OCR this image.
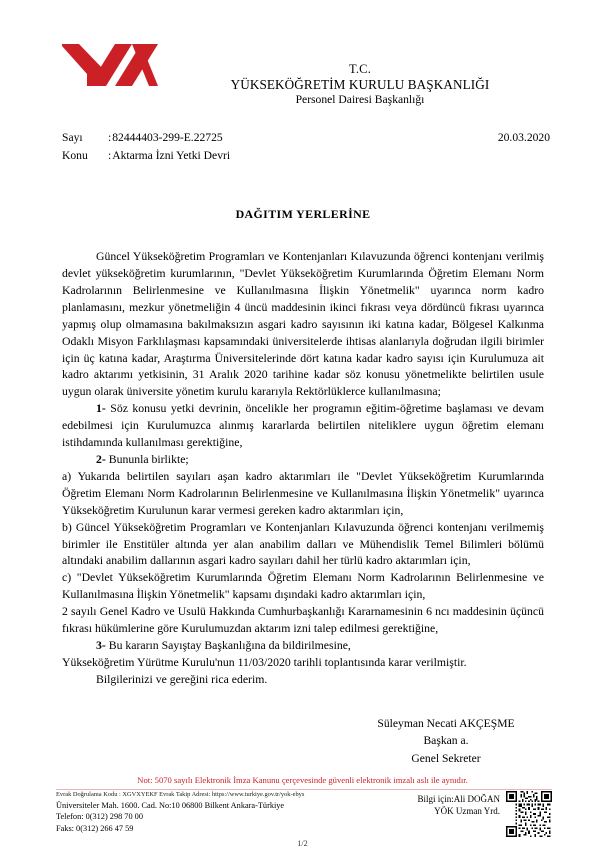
T.C.
YÜKSEKÖĞRETİM KURULU BAŞKANLIĞI
Personel Dairesi Başkanlığı
Sayı	: 82444403-299-E.22725	20.03.2020
Konu	: Aktarma İzni Yetki Devri
DAĞITIM YERLERİNE

Güncel Yükseköğretim Programları ve Kontenjanları Kılavuzunda öğrenci kontenjanı verilmiş devlet yükseköğretim kurumlarının, "Devlet Yükseköğretim Kurumlarında Öğretim Elemanı Norm Kadrolarının Belirlenmesine ve Kullanılmasına İlişkin Yönetmelik" uyarınca norm kadro planlamasını, mezkur yönetmeliğin 4 üncü maddesinin ikinci fıkrası veya dördüncü fıkrası uyarınca yapmış olup olmamasına bakılmaksızın asgari kadro sayısının iki katına kadar, Bölgesel Kalkınma Odaklı Misyon Farklılaşması kapsamındaki üniversitelerde ihtisas alanlarıyla doğrudan ilgili birimler için üç katına kadar, Araştırma Üniversitelerinde dört katına kadar kadro sayısı için Kurulumuza ait kadro aktarımı yetkisinin, 31 Aralık 2020 tarihine kadar söz konusu yönetmelikte belirtilen usule uygun olarak üniversite yönetim kurulu kararıyla Rektörlüklerce kullanılmasına;

1- Söz konusu yetki devrinin, öncelikle her programın eğitim-öğretime başlaması ve devam edebilmesi için Kurulumuzca alınmış kararlarda belirtilen niteliklere uygun öğretim elemanı istihdamında kullanılması gerektiğine,

2- Bununla birlikte;

a) Yukarıda belirtilen sayıları aşan kadro aktarımları ile "Devlet Yükseköğretim Kurumlarında Öğretim Elemanı Norm Kadrolarının Belirlenmesine ve Kullanılmasına İlişkin Yönetmelik" uyarınca Yükseköğretim Kurulunun karar vermesi gereken kadro aktarımları için,

b) Güncel Yükseköğretim Programları ve Kontenjanları Kılavuzunda öğrenci kontenjanı verilmemiş birimler ile Enstitüler altında yer alan anabilim dalları ve Mühendislik Temel Bilimleri bölümü altındaki anabilim dallarının asgari kadro sayıları dahil her türlü kadro aktarımları için,

c) "Devlet Yükseköğretim Kurumlarında Öğretim Elemanı Norm Kadrolarının Belirlenmesine ve Kullanılmasına İlişkin Yönetmelik" kapsamı dışındaki kadro aktarımları için,

2 sayılı Genel Kadro ve Usulü Hakkında Cumhurbaşkanlığı Kararnamesinin 6 ncı maddesinin üçüncü fıkrası hükümlerine göre Kurulumuzdan aktarım izni talep edilmesi gerektiğine,

3- Bu kararın Sayıştay Başkanlığına da bildirilmesine,

Yükseköğretim Yürütme Kurulu'nun 11/03/2020 tarihli toplantısında karar verilmiştir.

Bilgilerinizi ve gereğini rica ederim.

Süleyman Necati AKÇEŞME
Başkan a.
Genel Sekreter
Not: 5070 sayılı Elektronik İmza Kanunu çerçevesinde güvenli elektronik imzalı aslı ile aynıdır.
Evrak Doğrulama Kodu : XGVXYEKF Evrak Takip Adresi: https://www.turkiye.gov.tr/yok-ebys
Üniversiteler Mah. 1600. Cad. No:10 06800 Bilkent Ankara-Türkiye
Telefon: 0(312) 298 70 00
Faks: 0(312) 266 47 59
Bilgi için:Ali DOĞAN
YÖK Uzman Yrd.
1/2
